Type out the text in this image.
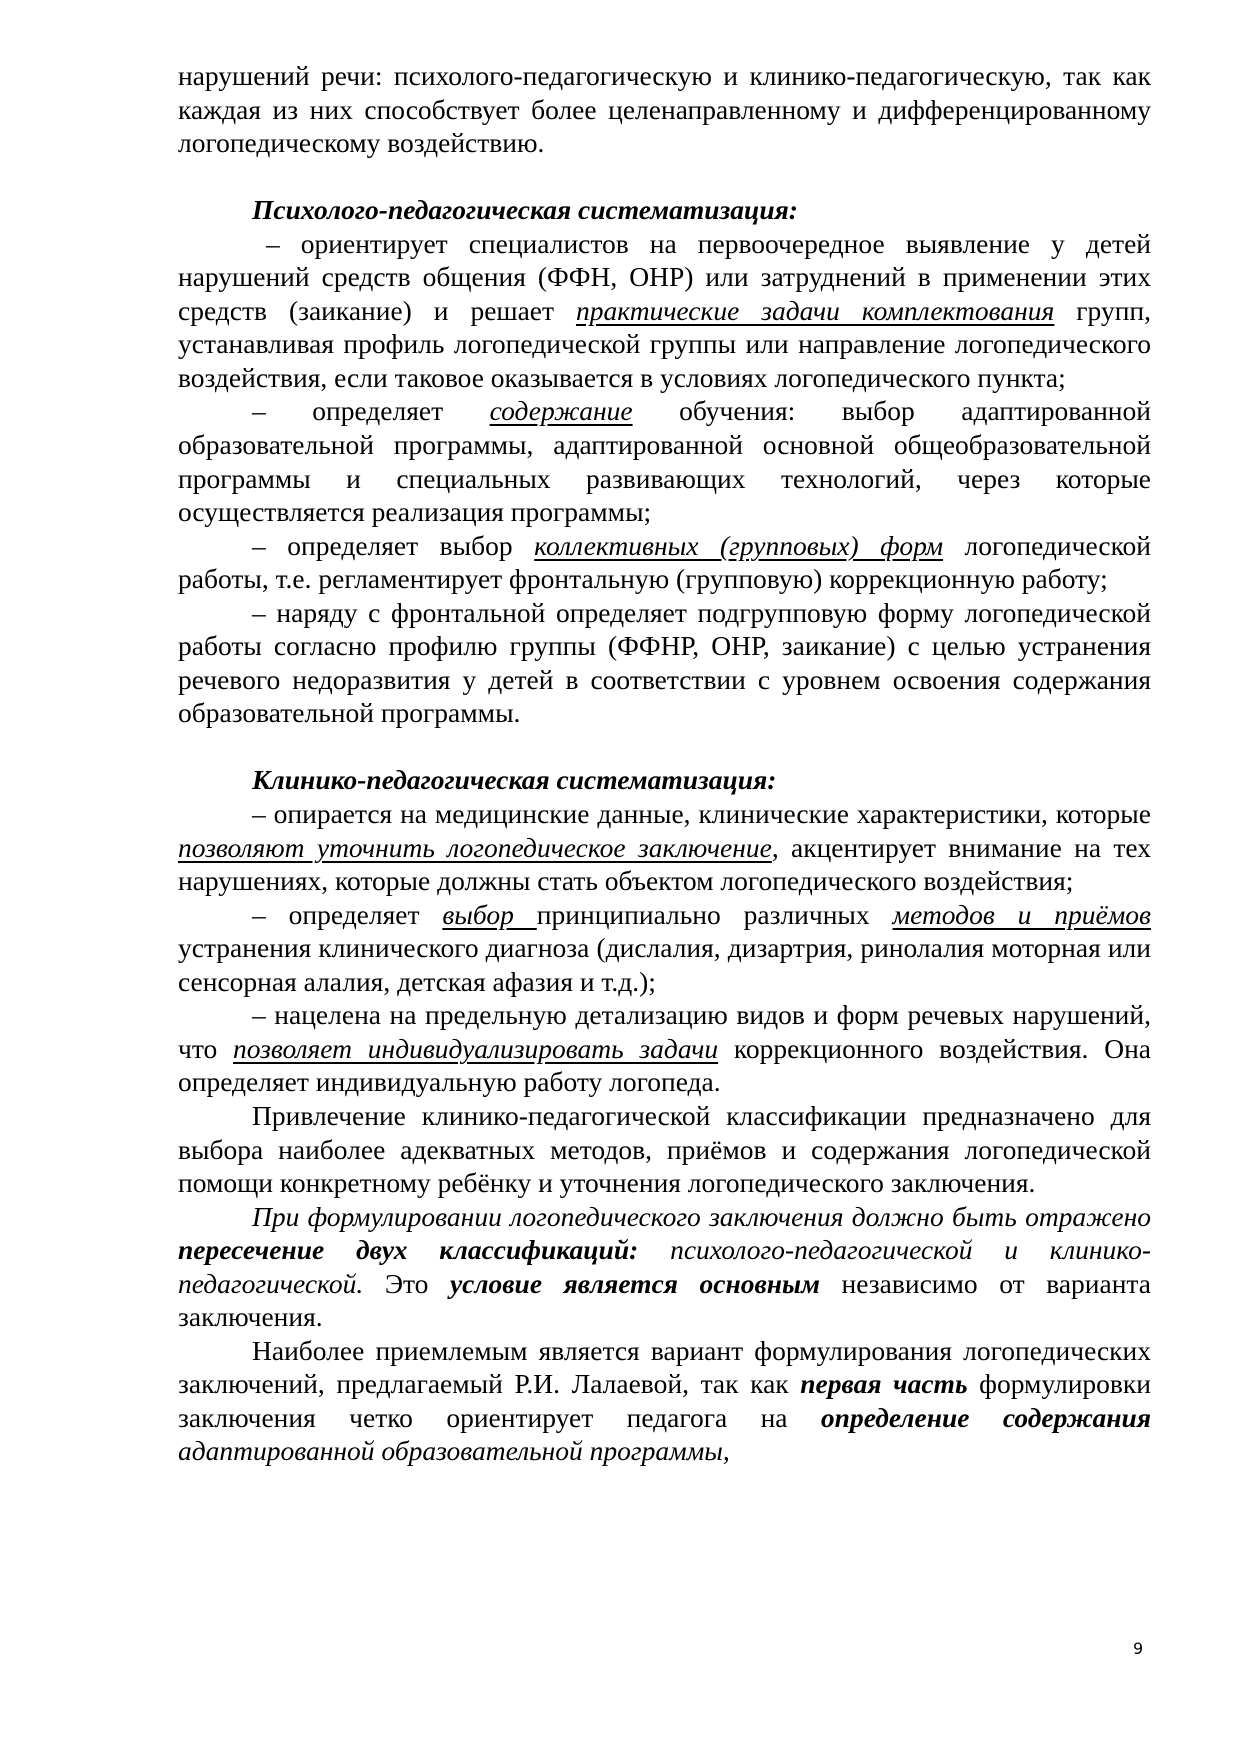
нарушений речи: психолого-педагогическую и клинико-педагогическую, так как каждая из них способствует более целенаправленному и дифференцированному логопедическому воздействию.

Психолого-педагогическая систематизация:

– ориентирует специалистов на первоочередное выявление у детей нарушений средств общения (ФФН, ОНР) или затруднений в применении этих средств (заикание) и решает практические задачи комплектования групп, устанавливая профиль логопедической группы или направление логопедического воздействия, если таковое оказывается в условиях логопедического пункта;

– определяет содержание обучения: выбор адаптированной образовательной программы, адаптированной основной общеобразовательной программы и специальных развивающих технологий, через которые осуществляется реализация программы;

– определяет выбор коллективных (групповых) форм логопедической работы, т.е. регламентирует фронтальную (групповую) коррекционную работу;

– наряду с фронтальной определяет подгрупповую форму логопедической работы согласно профилю группы (ФФНР, ОНР, заикание) с целью устранения речевого недоразвития у детей в соответствии с уровнем освоения содержания образовательной программы.

Клинико-педагогическая систематизация:

– опирается на медицинские данные, клинические характеристики, которые позволяют уточнить логопедическое заключение, акцентирует внимание на тех нарушениях, которые должны стать объектом логопедического воздействия;

– определяет выбор принципиально различных методов и приёмов устранения клинического диагноза (дислалия, дизартрия, ринолалия моторная или сенсорная алалия, детская афазия и т.д.);

– нацелена на предельную детализацию видов и форм речевых нарушений, что позволяет индивидуализировать задачи коррекционного воздействия. Она определяет индивидуальную работу логопеда.

Привлечение клинико-педагогической классификации предназначено для выбора наиболее адекватных методов, приёмов и содержания логопедической помощи конкретному ребёнку и уточнения логопедического заключения.

При формулировании логопедического заключения должно быть отражено пересечение двух классификаций: психолого-педагогической и клинико-педагогической. Это условие является основным независимо от варианта заключения.

Наиболее приемлемым является вариант формулирования логопедических заключений, предлагаемый Р.И. Лалаевой, так как первая часть формулировки заключения четко ориентирует педагога на определение содержания адаптированной образовательной программы,

9
